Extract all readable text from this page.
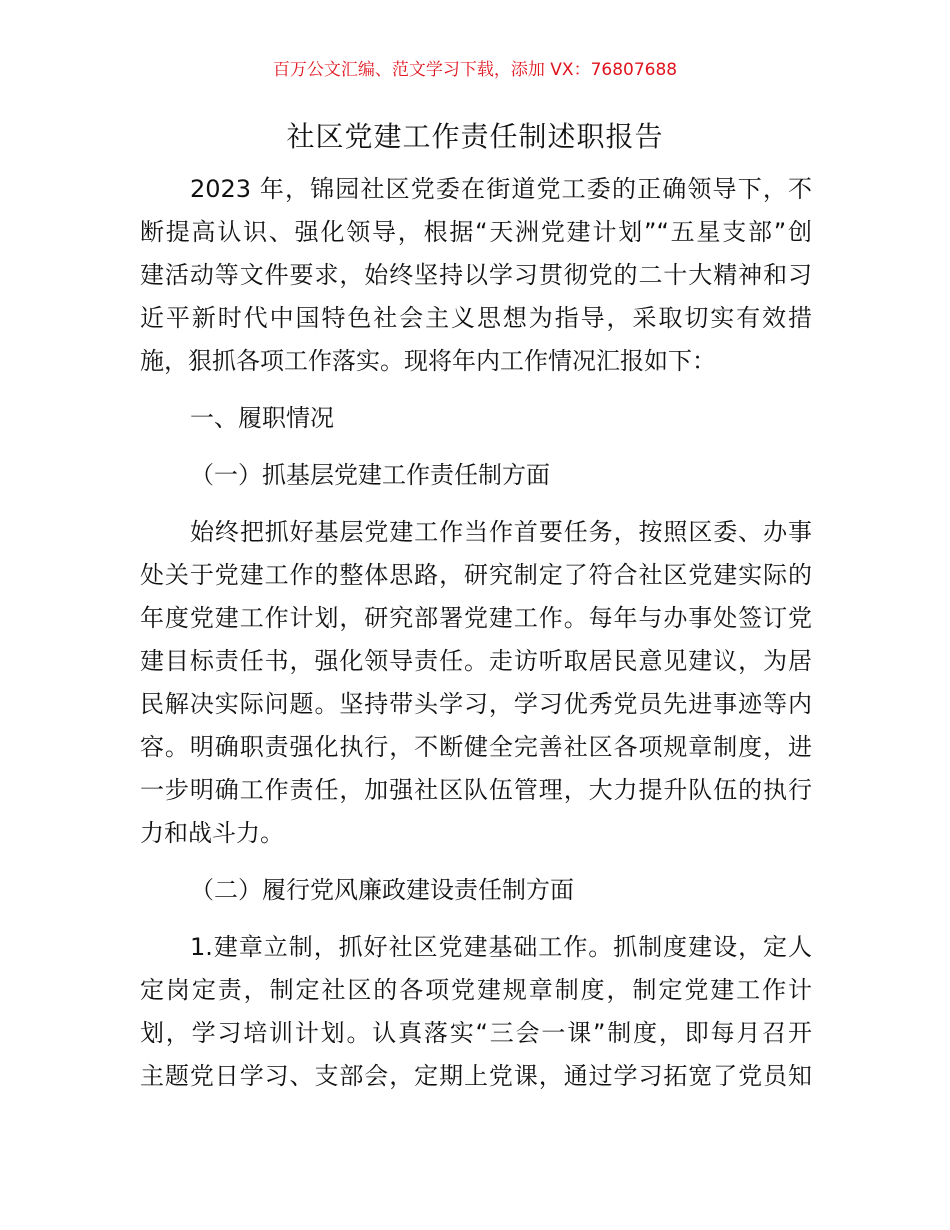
百万公文汇编、范文学习下载，添加 VX：76807688
社区党建工作责任制述职报告
2023 年，锦园社区党委在街道党工委的正确领导下，不
断提高认识、强化领导，根据“天洲党建计划”“五星支部”创
建活动等文件要求，始终坚持以学习贯彻党的二十大精神和习
近平新时代中国特色社会主义思想为指导，采取切实有效措
施，狠抓各项工作落实。现将年内工作情况汇报如下：
一、履职情况
（一）抓基层党建工作责任制方面
始终把抓好基层党建工作当作首要任务，按照区委、办事
处关于党建工作的整体思路，研究制定了符合社区党建实际的
年度党建工作计划，研究部署党建工作。每年与办事处签订党
建目标责任书，强化领导责任。走访听取居民意见建议，为居
民解决实际问题。坚持带头学习，学习优秀党员先进事迹等内
容。明确职责强化执行，不断健全完善社区各项规章制度，进
一步明确工作责任，加强社区队伍管理，大力提升队伍的执行
力和战斗力。
（二）履行党风廉政建设责任制方面
1.建章立制，抓好社区党建基础工作。抓制度建设，定人
定岗定责，制定社区的各项党建规章制度，制定党建工作计
划，学习培训计划。认真落实“三会一课”制度，即每月召开
主题党日学习、支部会，定期上党课，通过学习拓宽了党员知
